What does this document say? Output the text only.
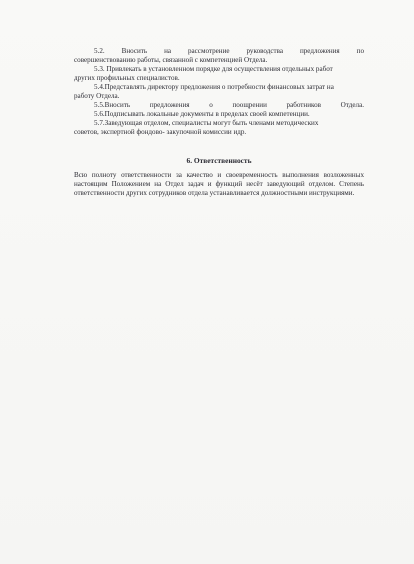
5.2. Вносить на рассмотрение руководства предложения по

совершенствованию работы, связанной с компетенцией Отдела.

5.3. Привлекать в установленном порядке для осуществления отдельных работ

других профильных специалистов.

5.4.Представлять директору предложения о потребности финансовых затрат на

работу Отдела.

5.5.Вносить предложения о поощрении работников Отдела.

5.6.Подписывать локальные документы в пределах своей компетенции.

5.7.Заведующая отделом, специалисты могут быть членами методических

советов, экспертной фондово- закупочной комиссии идр.

6. Ответственность

Всю полноту ответственности за качество и своевременность выполнения возложенных настоящим Положением на Отдел задач и функций несёт заведующий отделом. Степень ответственности других сотрудников отдела устанавливается должностными инструкциями.
